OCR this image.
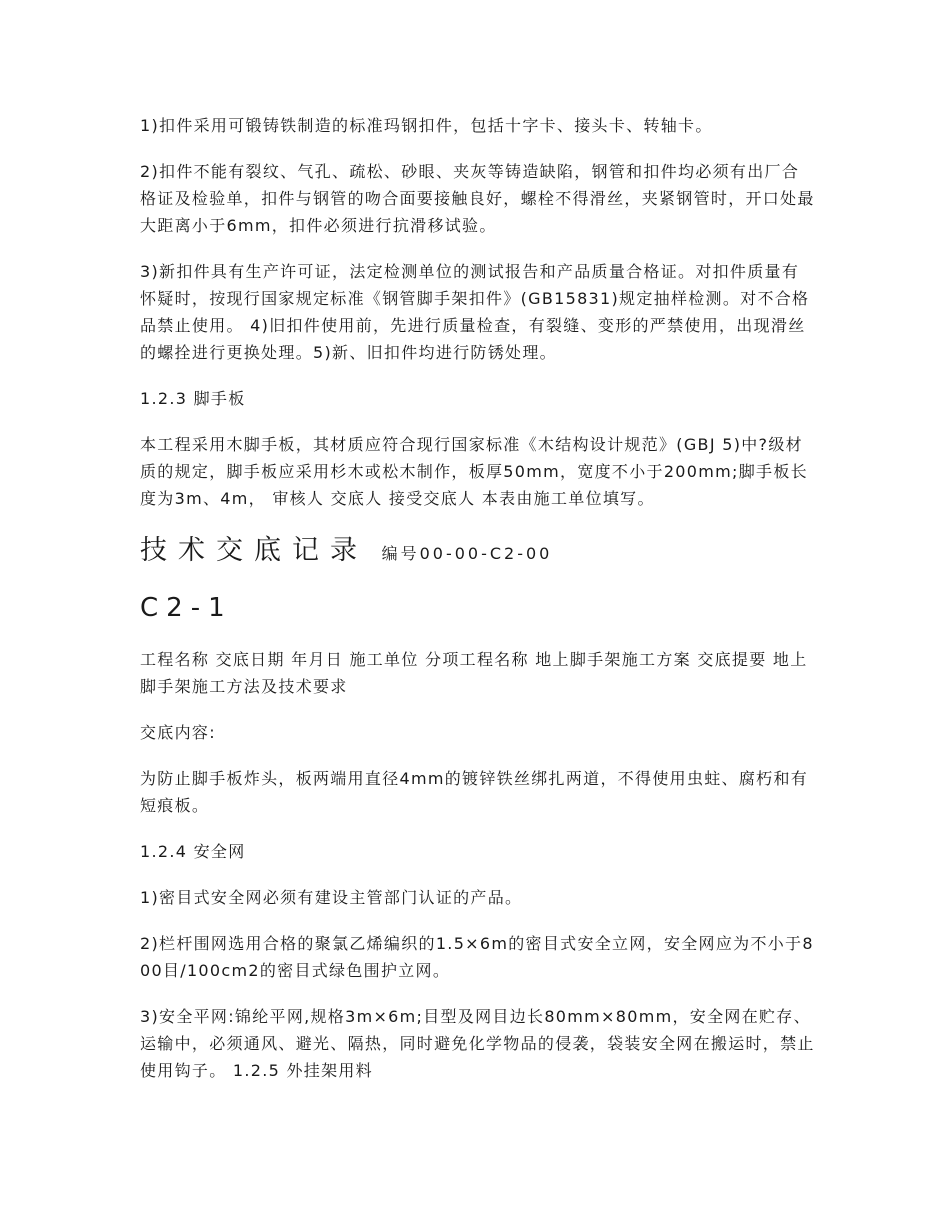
1)扣件采用可锻铸铁制造的标准玛钢扣件，包括十字卡、接头卡、转轴卡。

2)扣件不能有裂纹、气孔、疏松、砂眼、夹灰等铸造缺陷，钢管和扣件均必须有出厂合格证及检验单，扣件与钢管的吻合面要接触良好，螺栓不得滑丝，夹紧钢管时，开口处最大距离小于6mm，扣件必须进行抗滑移试验。

3)新扣件具有生产许可证，法定检测单位的测试报告和产品质量合格证。对扣件质量有怀疑时，按现行国家规定标准《钢管脚手架扣件》(GB15831)规定抽样检测。对不合格品禁止使用。 4)旧扣件使用前，先进行质量检查，有裂缝、变形的严禁使用，出现滑丝的螺拴进行更换处理。5)新、旧扣件均进行防锈处理。

1.2.3 脚手板

本工程采用木脚手板，其材质应符合现行国家标准《木结构设计规范》(GBJ 5)中?级材质的规定，脚手板应采用杉木或松木制作，板厚50mm，宽度不小于200mm;脚手板长度为3m、4m， 审核人 交底人 接受交底人 本表由施工单位填写。

技术交底记录 编号00-00-C2-00
C2-1

工程名称 交底日期 年月日 施工单位 分项工程名称 地上脚手架施工方案 交底提要 地上脚手架施工方法及技术要求

交底内容:

为防止脚手板炸头，板两端用直径4mm的镀锌铁丝绑扎两道，不得使用虫蛀、腐朽和有短痕板。

1.2.4 安全网

1)密目式安全网必须有建设主管部门认证的产品。

2)栏杆围网选用合格的聚氯乙烯编织的1.5×6m的密目式安全立网，安全网应为不小于800目/100cm2的密目式绿色围护立网。

3)安全平网:锦纶平网,规格3m×6m;目型及网目边长80mm×80mm，安全网在贮存、运输中，必须通风、避光、隔热，同时避免化学物品的侵袭，袋装安全网在搬运时，禁止使用钩子。 1.2.5 外挂架用料
